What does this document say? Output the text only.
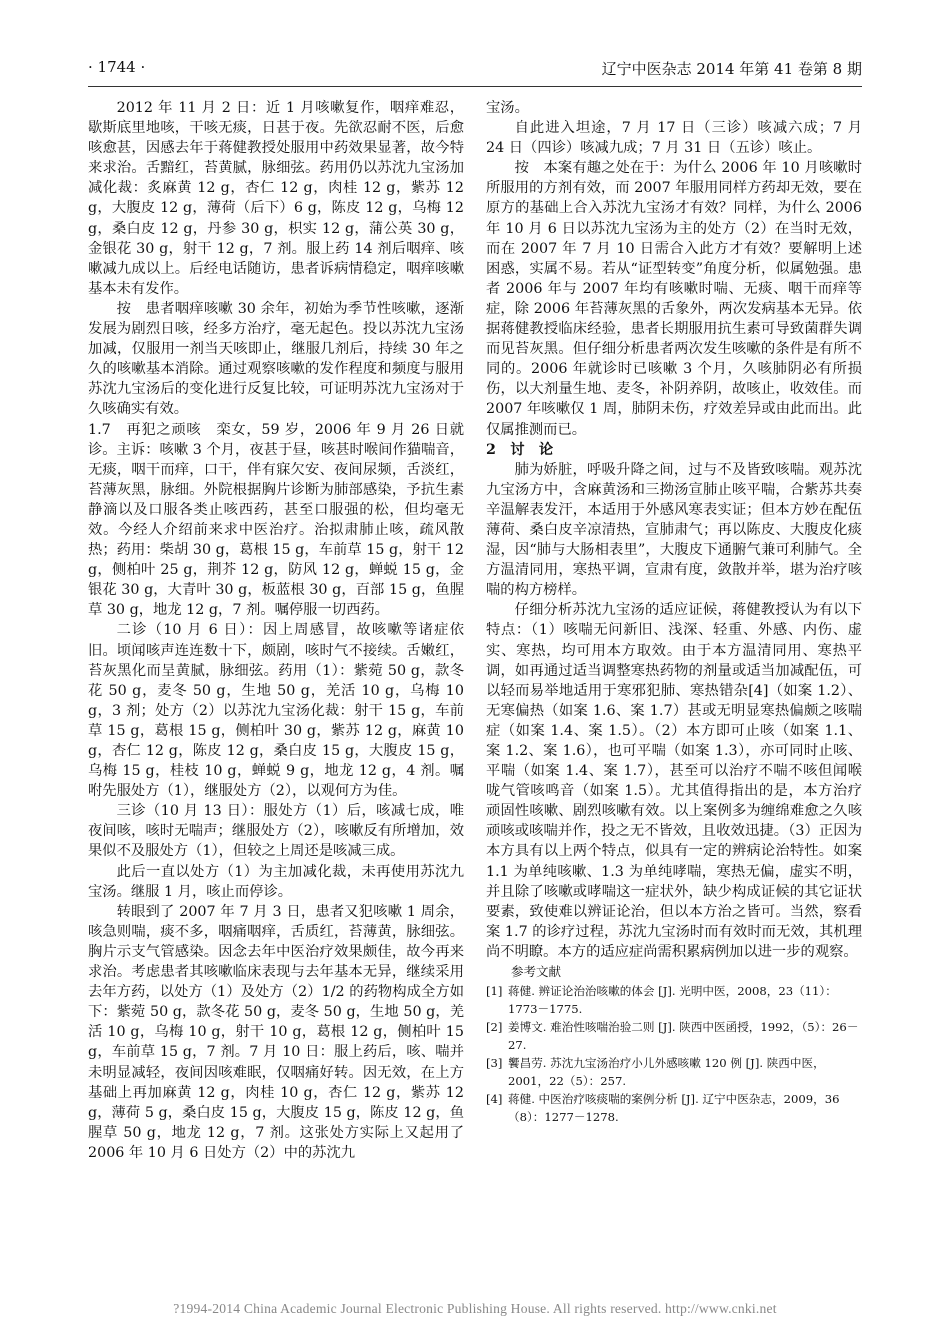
· 1744 ·	辽宁中医杂志 2014 年第 41 卷第 8 期

2012 年 11 月 2 日：近 1 月咳嗽复作，咽痒难忍，歇斯底里地咳，干咳无痰，日甚于夜。先欲忍耐不医，后愈咳愈甚，因感去年于蒋健教授处服用中药效果显著，故今特来求治。舌黯红，苔黄腻，脉细弦。药用仍以苏沈九宝汤加减化裁：炙麻黄 12 g，杏仁 12 g，肉桂 12 g，紫苏 12 g，大腹皮 12 g，薄荷（后下）6 g，陈皮 12 g，乌梅 12 g，桑白皮 12 g，丹参 30 g，枳实 12 g，蒲公英 30 g，金银花 30 g，射干 12 g，7 剂。服上药 14 剂后咽痒、咳嗽减九成以上。后经电话随访，患者诉病情稳定，咽痒咳嗽基本未有发作。

按　患者咽痒咳嗽 30 余年，初始为季节性咳嗽，逐渐发展为剧烈日咳，经多方治疗，毫无起色。投以苏沈九宝汤加减，仅服用一剂当天咳即止，继服几剂后，持续 30 年之久的咳嗽基本消除。通过观察咳嗽的发作程度和频度与服用苏沈九宝汤后的变化进行反复比较，可证明苏沈九宝汤对于久咳确实有效。

1.7　再犯之顽咳　栾女，59 岁，2006 年 9 月 26 日就诊。主诉：咳嗽 3 个月，夜甚于昼，咳甚时喉间作猫喘音，无痰，咽干而痒，口干，伴有寐欠安、夜间尿频，舌淡红，苔薄灰黑，脉细。外院根据胸片诊断为肺部感染，予抗生素静滴以及口服各类止咳西药，甚至口服强的松，但均毫无效。今经人介绍前来求中医治疗。治拟肃肺止咳，疏风散热；药用：柴胡 30 g，葛根 15 g，车前草 15 g，射干 12 g，侧柏叶 25 g，荆芥 12 g，防风 12 g，蝉蜕 15 g，金银花 30 g，大青叶 30 g，板蓝根 30 g，百部 15 g，鱼腥草 30 g，地龙 12 g，7 剂。嘱停服一切西药。

二诊（10 月 6 日）：因上周感冒，故咳嗽等诸症依旧。顷闻咳声连连数十下，颇剧，咳时气不接续。舌嫩红，苔灰黑化而呈黄腻，脉细弦。药用（1）：紫菀 50 g，款冬花 50 g，麦冬 50 g，生地 50 g，羌活 10 g，乌梅 10 g，3 剂；处方（2）以苏沈九宝汤化裁：射干 15 g，车前草 15 g，葛根 15 g，侧柏叶 30 g，紫苏 12 g，麻黄 10 g，杏仁 12 g，陈皮 12 g，桑白皮 15 g，大腹皮 15 g，乌梅 15 g，桂枝 10 g，蝉蜕 9 g，地龙 12 g，4 剂。嘱咐先服处方（1），继服处方（2），以观何方为佳。

三诊（10 月 13 日）：服处方（1）后，咳减七成，唯夜间咳，咳时无喘声；继服处方（2），咳嗽反有所增加，效果似不及服处方（1），但较之上周还是咳减三成。

此后一直以处方（1）为主加减化裁，未再使用苏沈九宝汤。继服 1 月，咳止而停诊。

转眼到了 2007 年 7 月 3 日，患者又犯咳嗽 1 周余，咳急则喘，痰不多，咽痛咽痒，舌质红，苔薄黄，脉细弦。胸片示支气管感染。因念去年中医治疗效果颇佳，故今再来求治。考虑患者其咳嗽临床表现与去年基本无异，继续采用去年方药，以处方（1）及处方（2）1/2 的药物构成全方如下：紫菀 50 g，款冬花 50 g，麦冬 50 g，生地 50 g，羌活 10 g，乌梅 10 g，射干 10 g，葛根 12 g，侧柏叶 15 g，车前草 15 g，7 剂。7 月 10 日：服上药后，咳、喘并未明显减轻，夜间因咳难眠，仅咽痛好转。因无效，在上方基础上再加麻黄 12 g，肉桂 10 g，杏仁 12 g，紫苏 12 g，薄荷 5 g，桑白皮 15 g，大腹皮 15 g，陈皮 12 g，鱼腥草 50 g，地龙 12 g，7 剂。这张处方实际上又起用了 2006 年 10 月 6 日处方（2）中的苏沈九

宝汤。

自此进入坦途，7 月 17 日（三诊）咳减六成；7 月 24 日（四诊）咳减九成；7 月 31 日（五诊）咳止。

按　本案有趣之处在于：为什么 2006 年 10 月咳嗽时所服用的方剂有效，而 2007 年服用同样方药却无效，要在原方的基础上合入苏沈九宝汤才有效？同样，为什么 2006 年 10 月 6 日以苏沈九宝汤为主的处方（2）在当时无效，而在 2007 年 7 月 10 日需合入此方才有效？要解明上述困惑，实属不易。若从“证型转变”角度分析，似属勉强。患者 2006 年与 2007 年均有咳嗽时喘、无痰、咽干而痒等症，除 2006 年苔薄灰黑的舌象外，两次发病基本无异。依据蒋健教授临床经验，患者长期服用抗生素可导致菌群失调而见苔灰黑。但仔细分析患者两次发生咳嗽的条件是有所不同的。2006 年就诊时已咳嗽 3 个月，久咳肺阴必有所损伤，以大剂量生地、麦冬，补阴养阴，故咳止，收效佳。而 2007 年咳嗽仅 1 周，肺阴未伤，疗效差异或由此而出。此仅属推测而已。

2　讨　论

肺为娇脏，呼吸升降之间，过与不及皆致咳喘。观苏沈九宝汤方中，含麻黄汤和三拗汤宣肺止咳平喘，合紫苏共奏辛温解表发汗，本适用于外感风寒表实证；但本方妙在配伍薄荷、桑白皮辛凉清热，宣肺肃气；再以陈皮、大腹皮化痰湿，因“肺与大肠相表里”，大腹皮下通腑气兼可利肺气。全方温清同用，寒热平调，宣肃有度，敛散并举，堪为治疗咳喘的构方榜样。

仔细分析苏沈九宝汤的适应证候，蒋健教授认为有以下特点：（1）咳喘无问新旧、浅深、轻重、外感、内伤、虚实、寒热，均可用本方取效。由于本方温清同用、寒热平调，如再通过适当调整寒热药物的剂量或适当加减配伍，可以轻而易举地适用于寒邪犯肺、寒热错杂[4]（如案 1.2）、无寒偏热（如案 1.6、案 1.7）甚或无明显寒热偏颇之咳喘症（如案 1.4、案 1.5）。（2）本方即可止咳（如案 1.1、案 1.2、案 1.6），也可平喘（如案 1.3），亦可同时止咳、平喘（如案 1.4、案 1.7），甚至可以治疗不喘不咳但闻喉咙气管咳鸣音（如案 1.5）。尤其值得指出的是，本方治疗顽固性咳嗽、剧烈咳嗽有效。以上案例多为缠绵难愈之久咳顽咳或咳喘并作，投之无不皆效，且收效迅捷。（3）正因为本方具有以上两个特点，似具有一定的辨病论治特性。如案 1.1 为单纯咳嗽、1.3 为单纯哮喘，寒热无偏，虚实不明，并且除了咳嗽或哮喘这一症状外，缺少构成证候的其它证状要素，致使难以辨证论治，但以本方治之皆可。当然，察看案 1.7 的诊疗过程，苏沈九宝汤时而有效时而无效，其机理尚不明瞭。本方的适应症尚需积累病例加以进一步的观察。

参考文献

[1] 蒋健. 辨证论治治咳嗽的体会 [J]. 光明中医，2008，23（11）：1773－1775.
[2] 姜博文. 难治性咳喘治验二则 [J]. 陕西中医函授，1992，（5）：26－27.
[3] 饗昌劳. 苏沈九宝汤治疗小儿外感咳嗽 120 例 [J]. 陕西中医，2001，22（5）：257.
[4] 蒋健. 中医治疗咳痰喘的案例分析 [J]. 辽宁中医杂志，2009，36（8）：1277－1278.
?1994-2014 China Academic Journal Electronic Publishing House. All rights reserved. http://www.cnki.net
